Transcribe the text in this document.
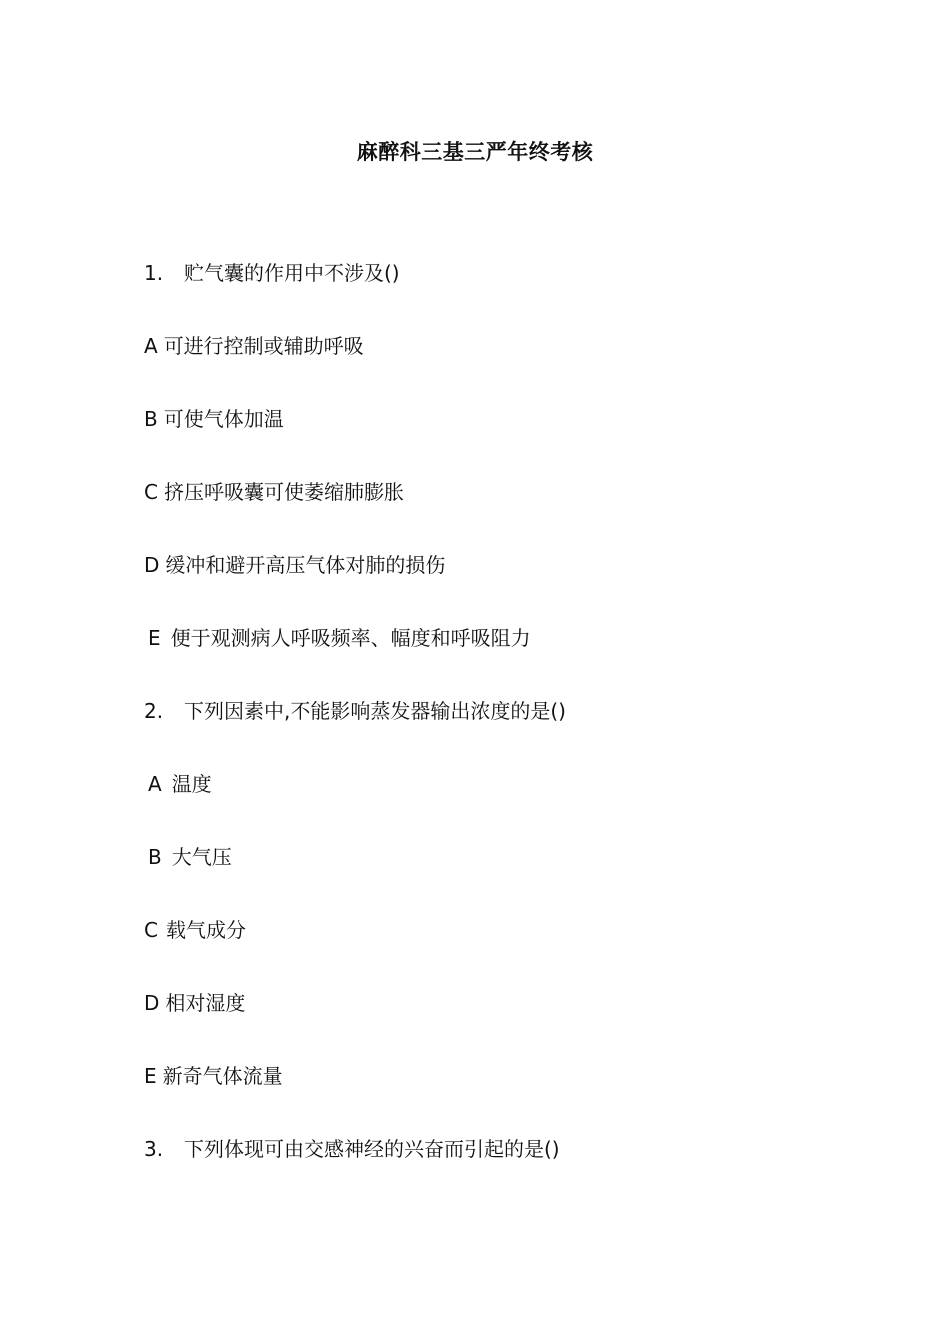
麻醉科三基三严年终考核
1. 贮气囊的作用中不涉及()
A 可进行控制或辅助呼吸
B 可使气体加温
C 挤压呼吸囊可使萎缩肺膨胀
D 缓冲和避开高压气体对肺的损伤
E 便于观测病人呼吸频率、幅度和呼吸阻力
2. 下列因素中,不能影响蒸发器输出浓度的是()
A 温度
B 大气压
C 载气成分
D 相对湿度
E 新奇气体流量
3. 下列体现可由交感神经的兴奋而引起的是()
